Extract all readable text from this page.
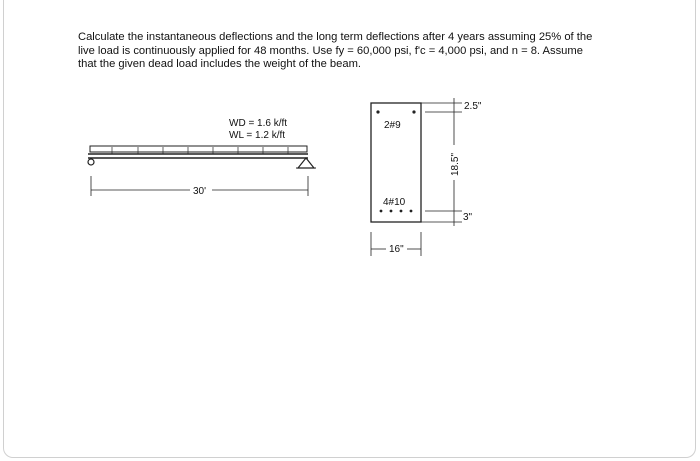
Calculate the instantaneous deflections and the long term deflections after 4 years assuming 25% of the

live load is continuously applied for 48 months. Use fy = 60,000 psi, f'c = 4,000 psi, and n = 8. Assume

that the given dead load includes the weight of the beam.

WD = 1.6 k/ft
WL = 1.2 k/ft
30'
2#9
4#10
2.5"
18.5"
3"
16"
